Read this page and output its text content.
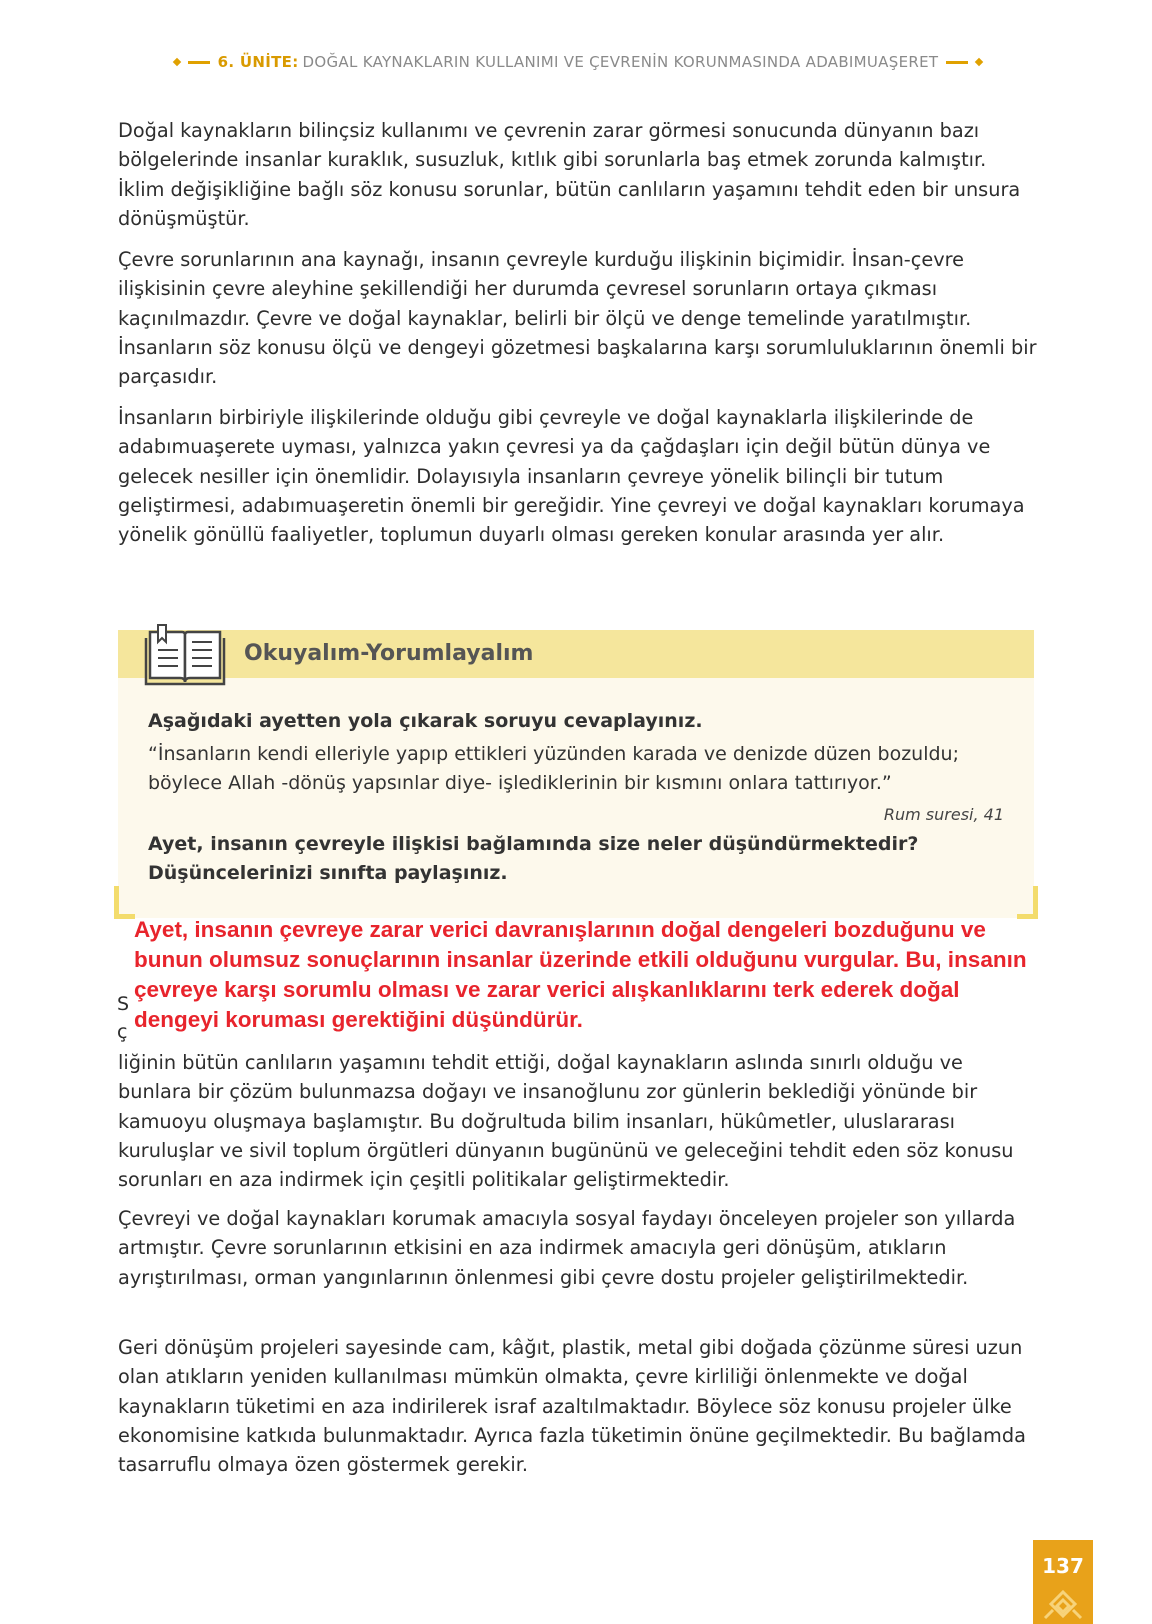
6. ÜNİTE: DOĞAL KAYNAKLARIN KULLANIMI VE ÇEVRENİN KORUNMASINDA ADABIMUAŞERET

Doğal kaynakların bilinçsiz kullanımı ve çevrenin zarar görmesi sonucunda dünyanın bazı bölgelerinde insanlar kuraklık, susuzluk, kıtlık gibi sorunlarla baş etmek zorunda kalmıştır. İklim değişikliğine bağlı söz konusu sorunlar, bütün canlıların yaşamını tehdit eden bir unsura dönüşmüştür.

Çevre sorunlarının ana kaynağı, insanın çevreyle kurduğu ilişkinin biçimidir. İnsan-çevre ilişkisinin çevre aleyhine şekillendiği her durumda çevresel sorunların ortaya çıkması kaçınılmazdır. Çevre ve doğal kaynaklar, belirli bir ölçü ve denge temelinde yaratılmıştır. İnsanların söz konusu ölçü ve dengeyi gözetmesi başkalarına karşı sorumluluklarının önemli bir parçasıdır.

İnsanların birbiriyle ilişkilerinde olduğu gibi çevreyle ve doğal kaynaklarla ilişkilerinde de adabımuaşerete uyması, yalnızca yakın çevresi ya da çağdaşları için değil bütün dünya ve gelecek nesiller için önemlidir. Dolayısıyla insanların çevreye yönelik bilinçli bir tutum geliştirmesi, adabımuaşeretin önemli bir gereğidir. Yine çevreyi ve doğal kaynakları korumaya yönelik gönüllü faaliyetler, toplumun duyarlı olması gereken konular arasında yer alır.

Okuyalım-Yorumlayalım
Aşağıdaki ayetten yola çıkarak soruyu cevaplayınız.

“İnsanların kendi elleriyle yapıp ettikleri yüzünden karada ve denizde düzen bozuldu; böylece Allah -dönüş yapsınlar diye- işlediklerinin bir kısmını onlara tattırıyor.”

Rum suresi, 41

Ayet, insanın çevreyle ilişkisi bağlamında size neler düşündürmektedir? Düşüncelerinizi sınıfta paylaşınız.

S
ç

Ayet, insanın çevreye zarar verici davranışlarının doğal dengeleri bozduğunu ve bunun olumsuz sonuçlarının insanlar üzerinde etkili olduğunu vurgular. Bu, insanın çevreye karşı sorumlu olması ve zarar verici alışkanlıklarını terk ederek doğal dengeyi koruması gerektiğini düşündürür.

liğinin bütün canlıların yaşamını tehdit ettiği, doğal kaynakların aslında sınırlı olduğu ve bunlara bir çözüm bulunmazsa doğayı ve insanoğlunu zor günlerin beklediği yönünde bir kamuoyu oluşmaya başlamıştır. Bu doğrultuda bilim insanları, hükûmetler, uluslararası kuruluşlar ve sivil toplum örgütleri dünyanın bugününü ve geleceğini tehdit eden söz konusu sorunları en aza indirmek için çeşitli politikalar geliştirmektedir.

Çevreyi ve doğal kaynakları korumak amacıyla sosyal faydayı önceleyen projeler son yıllarda artmıştır. Çevre sorunlarının etkisini en aza indirmek amacıyla geri dönüşüm, atıkların ayrıştırılması, orman yangınlarının önlenmesi gibi çevre dostu projeler geliştirilmektedir.

Geri dönüşüm projeleri sayesinde cam, kâğıt, plastik, metal gibi doğada çözünme süresi uzun olan atıkların yeniden kullanılması mümkün olmakta, çevre kirliliği önlenmekte ve doğal kaynakların tüketimi en aza indirilerek israf azaltılmaktadır. Böylece söz konusu projeler ülke ekonomisine katkıda bulunmaktadır. Ayrıca fazla tüketimin önüne geçilmektedir. Bu bağlamda tasarruflu olmaya özen göstermek gerekir.

137
